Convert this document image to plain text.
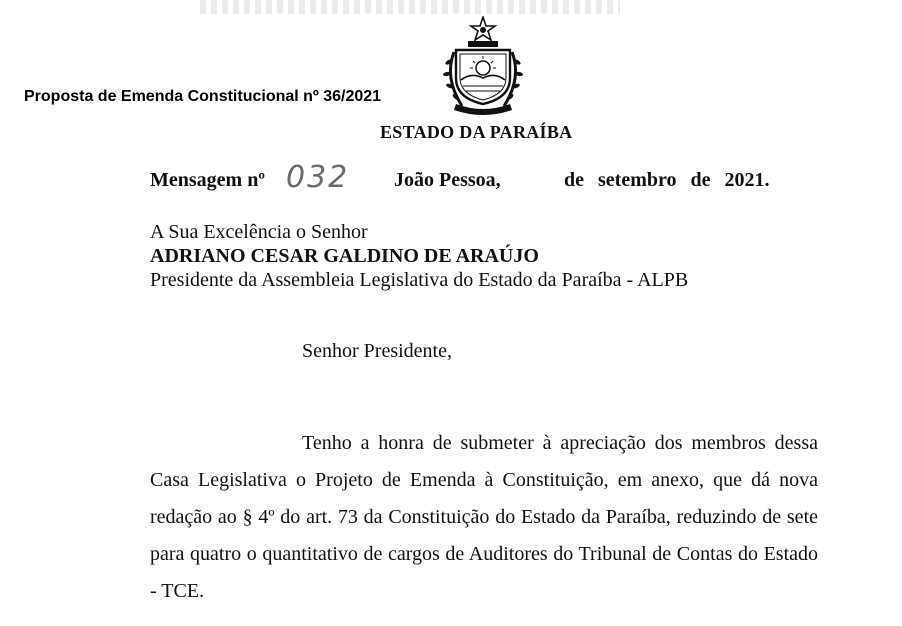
Proposta de Emenda Constitucional nº 36/2021
ESTADO DA PARAÍBA
Mensagem nº 032 João Pessoa,	de setembro de 2021.
A Sua Excelência o Senhor
ADRIANO CESAR GALDINO DE ARAÚJO
Presidente da Assembleia Legislativa do Estado da Paraíba - ALPB
Senhor Presidente,
Tenho a honra de submeter à apreciação dos membros dessa Casa Legislativa o Projeto de Emenda à Constituição, em anexo, que dá nova redação ao § 4º do art. 73 da Constituição do Estado da Paraíba, reduzindo de sete para quatro o quantitativo de cargos de Auditores do Tribunal de Contas do Estado - TCE.
